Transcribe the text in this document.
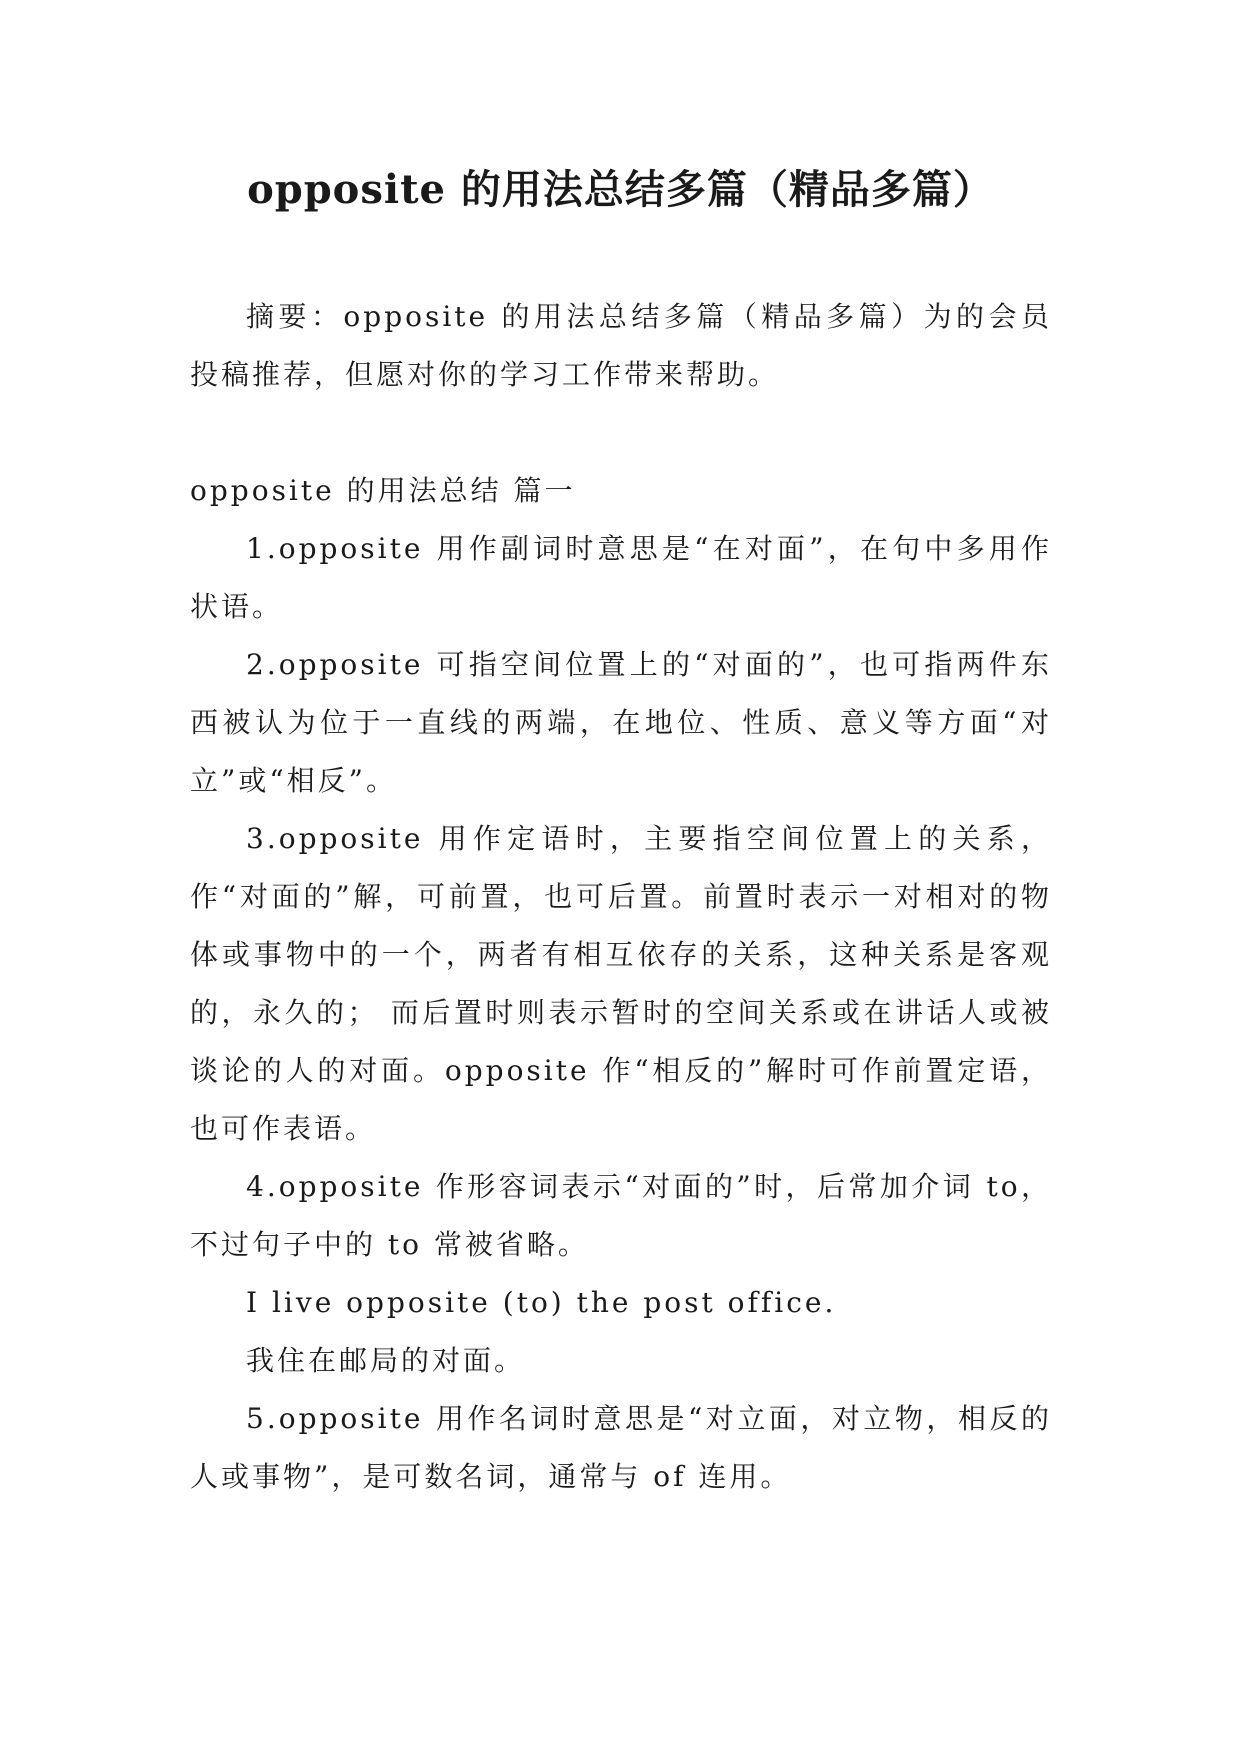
opposite 的用法总结多篇（精品多篇）

摘要：opposite 的用法总结多篇（精品多篇）为的会员投稿推荐，但愿对你的学习工作带来帮助。

opposite 的用法总结 篇一

1.opposite 用作副词时意思是“在对面”，在句中多用作状语。

2.opposite 可指空间位置上的“对面的”，也可指两件东西被认为位于一直线的两端，在地位、性质、意义等方面“对立”或“相反”。

3.opposite 用作定语时，主要指空间位置上的关系，作“对面的”解，可前置，也可后置。前置时表示一对相对的物体或事物中的一个，两者有相互依存的关系，这种关系是客观的，永久的； 而后置时则表示暂时的空间关系或在讲话人或被谈论的人的对面。opposite 作“相反的”解时可作前置定语，也可作表语。

4.opposite 作形容词表示“对面的”时，后常加介词 to，不过句子中的 to 常被省略。

I live opposite (to) the post office.

我住在邮局的对面。

5.opposite 用作名词时意思是“对立面，对立物，相反的人或事物”，是可数名词，通常与 of 连用。
